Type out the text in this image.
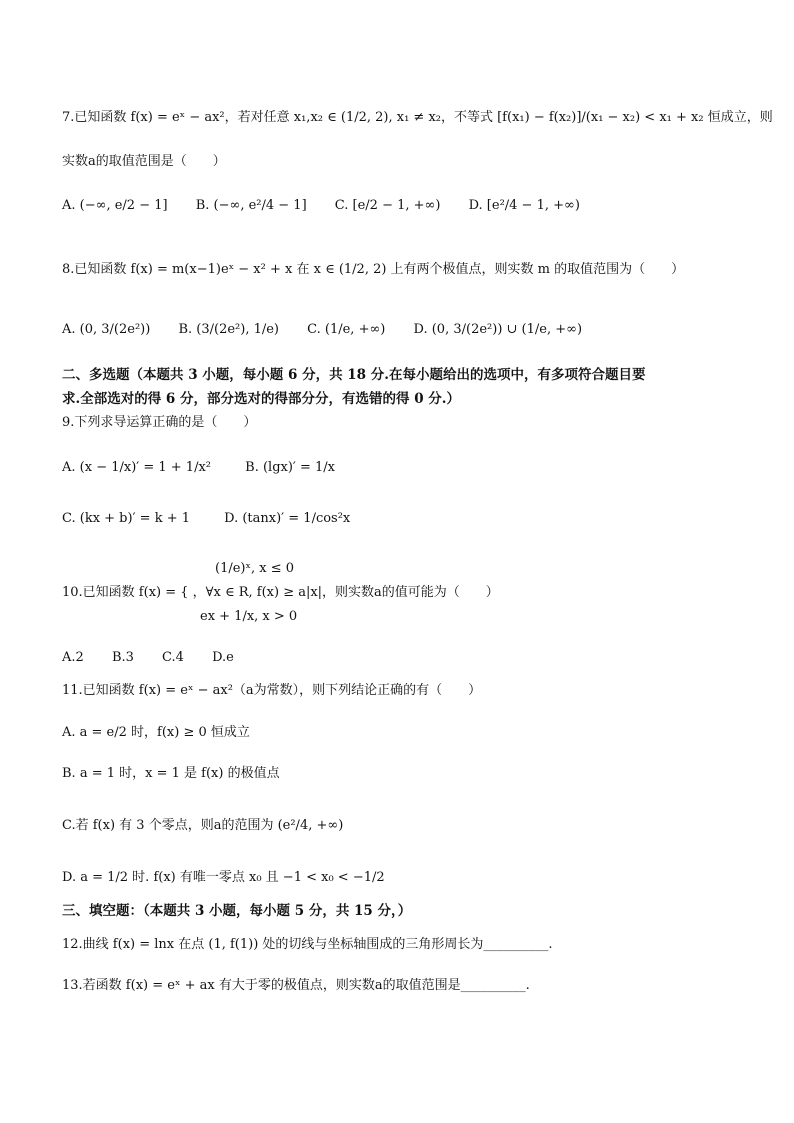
7.已知函数 f(x) = eˣ − ax²，若对任意 x₁,x₂ ∈ (1/2, 2), x₁ ≠ x₂，不等式 [f(x₁) − f(x₂)]/(x₁ − x₂) < x₁ + x₂ 恒成立，则
实数a的取值范围是（　　）
A. (−∞, e/2 − 1] B. (−∞, e²/4 − 1] C. [e/2 − 1, +∞) D. [e²/4 − 1, +∞)
8.已知函数 f(x) = m(x−1)eˣ − x² + x 在 x ∈ (1/2, 2) 上有两个极值点，则实数 m 的取值范围为（　　）
A. (0, 3/(2e²)) B. (3/(2e²), 1/e) C. (1/e, +∞) D. (0, 3/(2e²)) ∪ (1/e, +∞)
二、多选题（本题共 3 小题，每小题 6 分，共 18 分.在每小题给出的选项中，有多项符合题目要
求.全部选对的得 6 分，部分选对的得部分分，有选错的得 0 分.）
9.下列求导运算正确的是（　　）
A. (x − 1/x)′ = 1 + 1/x²	B. (lgx)′ = 1/x
C. (kx + b)′ = k + 1	D. (tanx)′ = 1/cos²x
(1/e)ˣ, x ≤ 0
10.已知函数 f(x) = { ，∀x ∈ R, f(x) ≥ a|x|，则实数a的值可能为（　　）
ex + 1/x, x > 0
A.2 B.3 C.4 D.e
11.已知函数 f(x) = eˣ − ax²（a为常数），则下列结论正确的有（　　）
A. a = e/2 时，f(x) ≥ 0 恒成立
B. a = 1 时，x = 1 是 f(x) 的极值点
C.若 f(x) 有 3 个零点，则a的范围为 (e²/4, +∞)
D. a = 1/2 时. f(x) 有唯一零点 x₀ 且 −1 < x₀ < −1/2
三、填空题：（本题共 3 小题，每小题 5 分，共 15 分，）
12.曲线 f(x) = lnx 在点 (1, f(1)) 处的切线与坐标轴围成的三角形周长为__________.
13.若函数 f(x) = eˣ + ax 有大于零的极值点，则实数a的取值范围是__________.
